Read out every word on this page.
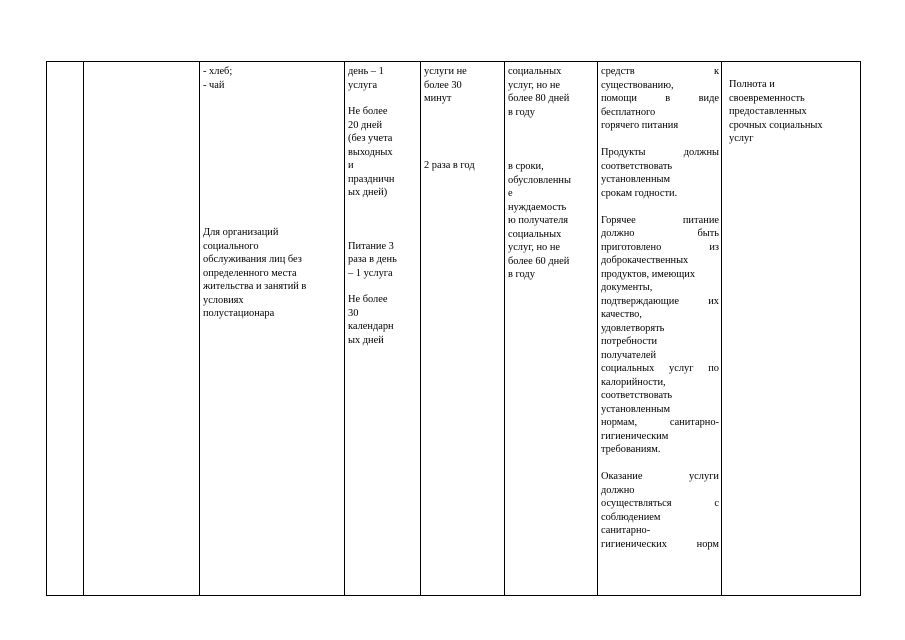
- хлеб;
- чай

Для организаций
социального
обслуживания лиц без
определенного места
жительства и занятий в
условиях
полустационара

день – 1
услуга

Не более
20 дней
(без учета
выходных
и
праздничн
ых дней)

Питание 3
раза в день
– 1 услуга

Не более
30
календарн
ых дней

услуги не
более 30
минут

2 раза в год

социальных
услуг, но не
более 80 дней
в году

в сроки,
обусловленны
е
нуждаемость
ю получателя
социальных
услуг, но не
более 60 дней
в году

средств к
существованию,
помощи в виде
бесплатного
горячего питания
Продукты должны
соответствовать
установленным
срокам годности.
Горячее питание
должно быть
приготовлено из
доброкачественных
продуктов, имеющих
документы,
подтверждающие их
качество,
удовлетворять
потребности
получателей
социальных услуг по
калорийности,
соответствовать
установленным
нормам, санитарно-
гигиеническим
требованиям.
Оказание услуги
должно
осуществляться с
соблюдением
санитарно-
гигиенических норм

Полнота и
своевременность
предоставленных
срочных социальных
услуг
